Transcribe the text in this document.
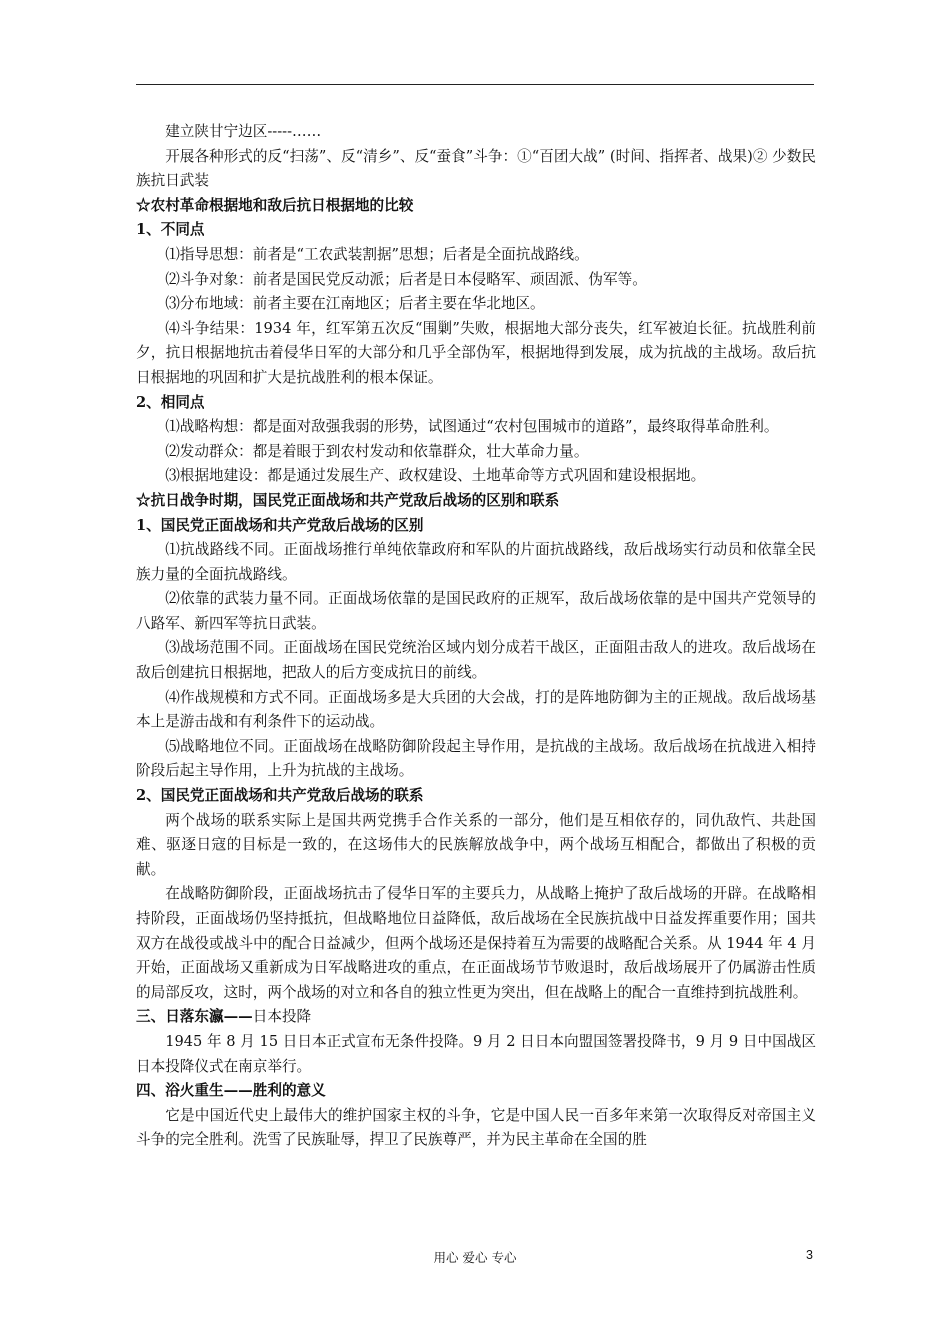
建立陕甘宁边区-----……

开展各种形式的反“扫荡”、反“清乡”、反“蚕食”斗争：①“百团大战” (时间、指挥者、战果)② 少数民族抗日武装

☆农村革命根据地和敌后抗日根据地的比较

1、不同点

⑴指导思想：前者是“工农武装割据”思想；后者是全面抗战路线。

⑵斗争对象：前者是国民党反动派；后者是日本侵略军、顽固派、伪军等。

⑶分布地域：前者主要在江南地区；后者主要在华北地区。

⑷斗争结果：1934 年，红军第五次反“围剿”失败，根据地大部分丧失，红军被迫长征。抗战胜利前夕，抗日根据地抗击着侵华日军的大部分和几乎全部伪军，根据地得到发展，成为抗战的主战场。敌后抗日根据地的巩固和扩大是抗战胜利的根本保证。

2、相同点

⑴战略构想：都是面对敌强我弱的形势，试图通过“农村包围城市的道路”，最终取得革命胜利。

⑵发动群众：都是着眼于到农村发动和依靠群众，壮大革命力量。

⑶根据地建设：都是通过发展生产、政权建设、土地革命等方式巩固和建设根据地。

☆抗日战争时期，国民党正面战场和共产党敌后战场的区别和联系

1、国民党正面战场和共产党敌后战场的区别

⑴抗战路线不同。正面战场推行单纯依靠政府和军队的片面抗战路线，敌后战场实行动员和依靠全民族力量的全面抗战路线。

⑵依靠的武装力量不同。正面战场依靠的是国民政府的正规军，敌后战场依靠的是中国共产党领导的八路军、新四军等抗日武装。

⑶战场范围不同。正面战场在国民党统治区域内划分成若干战区，正面阻击敌人的进攻。敌后战场在敌后创建抗日根据地，把敌人的后方变成抗日的前线。

⑷作战规模和方式不同。正面战场多是大兵团的大会战，打的是阵地防御为主的正规战。敌后战场基本上是游击战和有利条件下的运动战。

⑸战略地位不同。正面战场在战略防御阶段起主导作用，是抗战的主战场。敌后战场在抗战进入相持阶段后起主导作用，上升为抗战的主战场。

2、国民党正面战场和共产党敌后战场的联系

两个战场的联系实际上是国共两党携手合作关系的一部分，他们是互相依存的，同仇敌忾、共赴国难、驱逐日寇的目标是一致的，在这场伟大的民族解放战争中，两个战场互相配合，都做出了积极的贡献。

在战略防御阶段，正面战场抗击了侵华日军的主要兵力，从战略上掩护了敌后战场的开辟。在战略相持阶段，正面战场仍坚持抵抗，但战略地位日益降低，敌后战场在全民族抗战中日益发挥重要作用；国共双方在战役或战斗中的配合日益减少，但两个战场还是保持着互为需要的战略配合关系。从 1944 年 4 月开始，正面战场又重新成为日军战略进攻的重点，在正面战场节节败退时，敌后战场展开了仍属游击性质的局部反攻，这时，两个战场的对立和各自的独立性更为突出，但在战略上的配合一直维持到抗战胜利。

三、日落东瀛——日本投降

1945 年 8 月 15 日日本正式宣布无条件投降。9 月 2 日日本向盟国签署投降书，9 月 9 日中国战区日本投降仪式在南京举行。

四、浴火重生——胜利的意义

它是中国近代史上最伟大的维护国家主权的斗争，它是中国人民一百多年来第一次取得反对帝国主义斗争的完全胜利。洗雪了民族耻辱，捍卫了民族尊严，并为民主革命在全国的胜

用心 爱心 专心	3
